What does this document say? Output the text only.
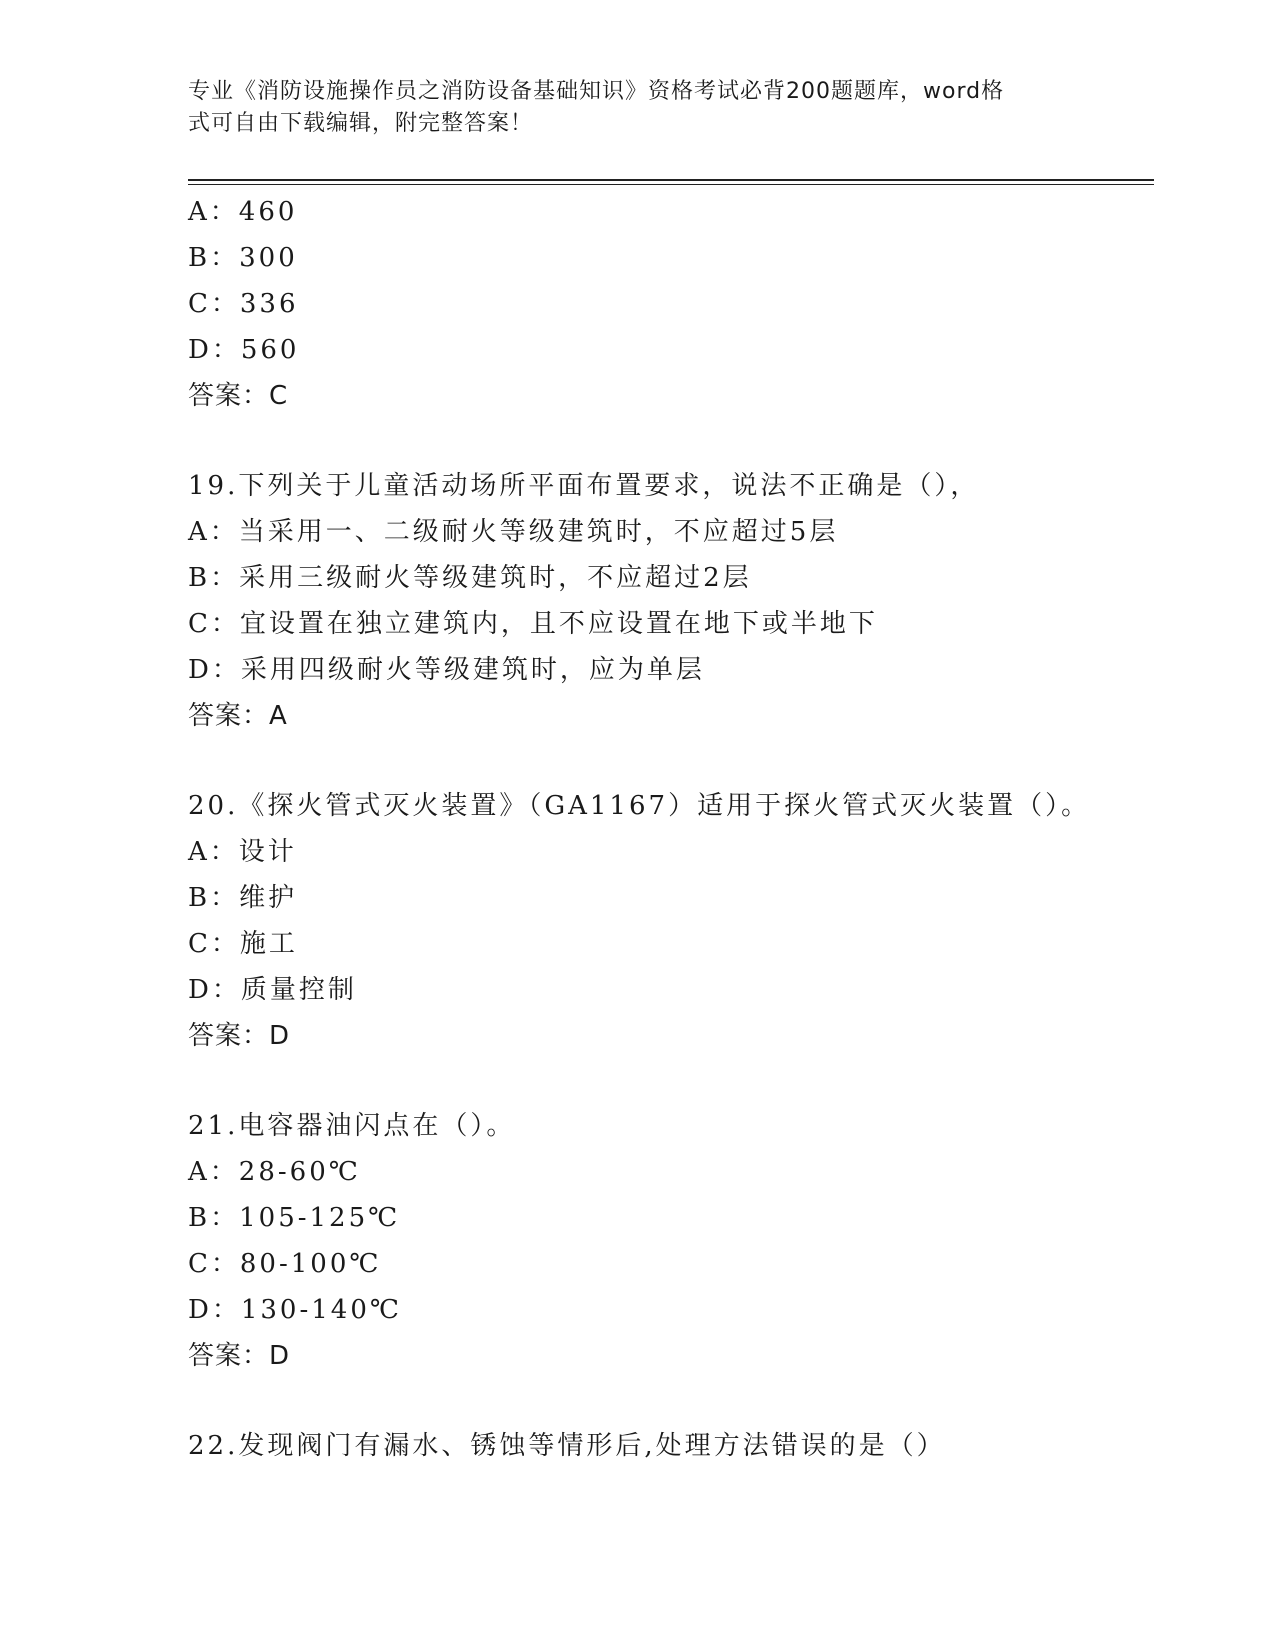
专业《消防设施操作员之消防设备基础知识》资格考试必背200题题库，word格
式可自由下载编辑，附完整答案！
A：460
B：300
C：336
D：560
答案：C
19.下列关于儿童活动场所平面布置要求，说法不正确是（），
A：当采用一、二级耐火等级建筑时，不应超过5层
B：采用三级耐火等级建筑时，不应超过2层
C：宜设置在独立建筑内，且不应设置在地下或半地下
D：采用四级耐火等级建筑时，应为单层
答案：A
20.《探火管式灭火装置》（GA1167）适用于探火管式灭火装置（）。
A：设计
B：维护
C：施工
D：质量控制
答案：D
21.电容器油闪点在（）。
A：28-60℃
B：105-125℃
C：80-100℃
D：130-140℃
答案：D
22.发现阀门有漏水、锈蚀等情形后,处理方法错误的是（）
